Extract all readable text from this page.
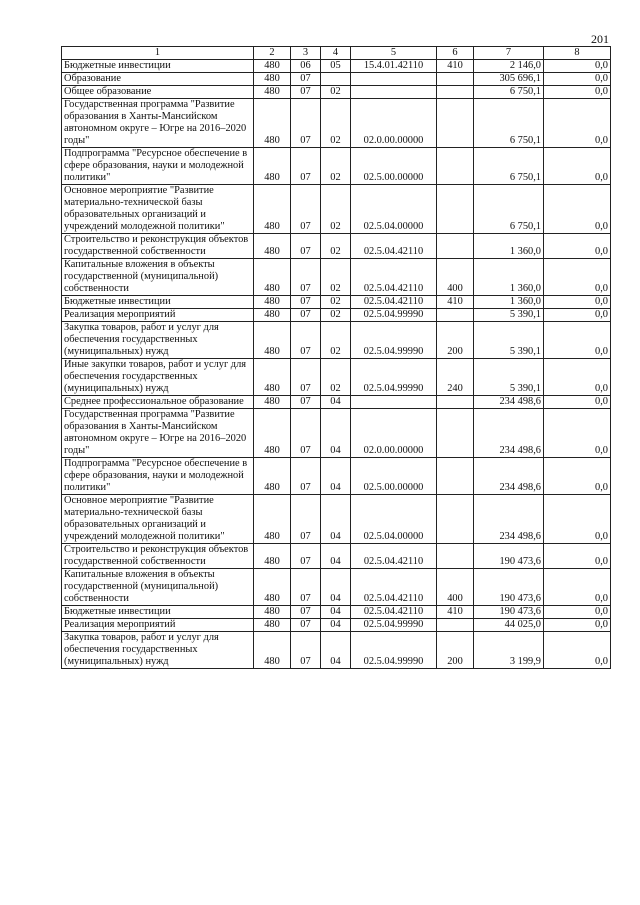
201
1	2	3	4	5	6	7	8
Бюджетные инвестиции	480	06	05	15.4.01.42110	410	2 146,0	0,0
Образование	480	07				305 696,1	0,0
Общее образование	480	07	02			6 750,1	0,0
Государственная программа "Развитие образования в Ханты-Мансийском автономном округе – Югре на 2016–2020 годы"	480	07	02	02.0.00.00000		6 750,1	0,0
Подпрограмма "Ресурсное обеспечение в сфере образования, науки и молодежной политики"	480	07	02	02.5.00.00000		6 750,1	0,0
Основное мероприятие "Развитие материально-технической базы образовательных организаций и учреждений молодежной политики"	480	07	02	02.5.04.00000		6 750,1	0,0
Строительство и реконструкция объектов государственной собственности	480	07	02	02.5.04.42110		1 360,0	0,0
Капитальные вложения в объекты государственной (муниципальной) собственности	480	07	02	02.5.04.42110	400	1 360,0	0,0
Бюджетные инвестиции	480	07	02	02.5.04.42110	410	1 360,0	0,0
Реализация мероприятий	480	07	02	02.5.04.99990		5 390,1	0,0
Закупка товаров, работ и услуг для обеспечения государственных (муниципальных) нужд	480	07	02	02.5.04.99990	200	5 390,1	0,0
Иные закупки товаров, работ и услуг для обеспечения государственных (муниципальных) нужд	480	07	02	02.5.04.99990	240	5 390,1	0,0
Среднее профессиональное образование	480	07	04			234 498,6	0,0
Государственная программа "Развитие образования в Ханты-Мансийском автономном округе – Югре на 2016–2020 годы"	480	07	04	02.0.00.00000		234 498,6	0,0
Подпрограмма "Ресурсное обеспечение в сфере образования, науки и молодежной политики"	480	07	04	02.5.00.00000		234 498,6	0,0
Основное мероприятие "Развитие материально-технической базы образовательных организаций и учреждений молодежной политики"	480	07	04	02.5.04.00000		234 498,6	0,0
Строительство и реконструкция объектов государственной собственности	480	07	04	02.5.04.42110		190 473,6	0,0
Капитальные вложения в объекты государственной (муниципальной) собственности	480	07	04	02.5.04.42110	400	190 473,6	0,0
Бюджетные инвестиции	480	07	04	02.5.04.42110	410	190 473,6	0,0
Реализация мероприятий	480	07	04	02.5.04.99990		44 025,0	0,0
Закупка товаров, работ и услуг для обеспечения государственных (муниципальных) нужд	480	07	04	02.5.04.99990	200	3 199,9	0,0
